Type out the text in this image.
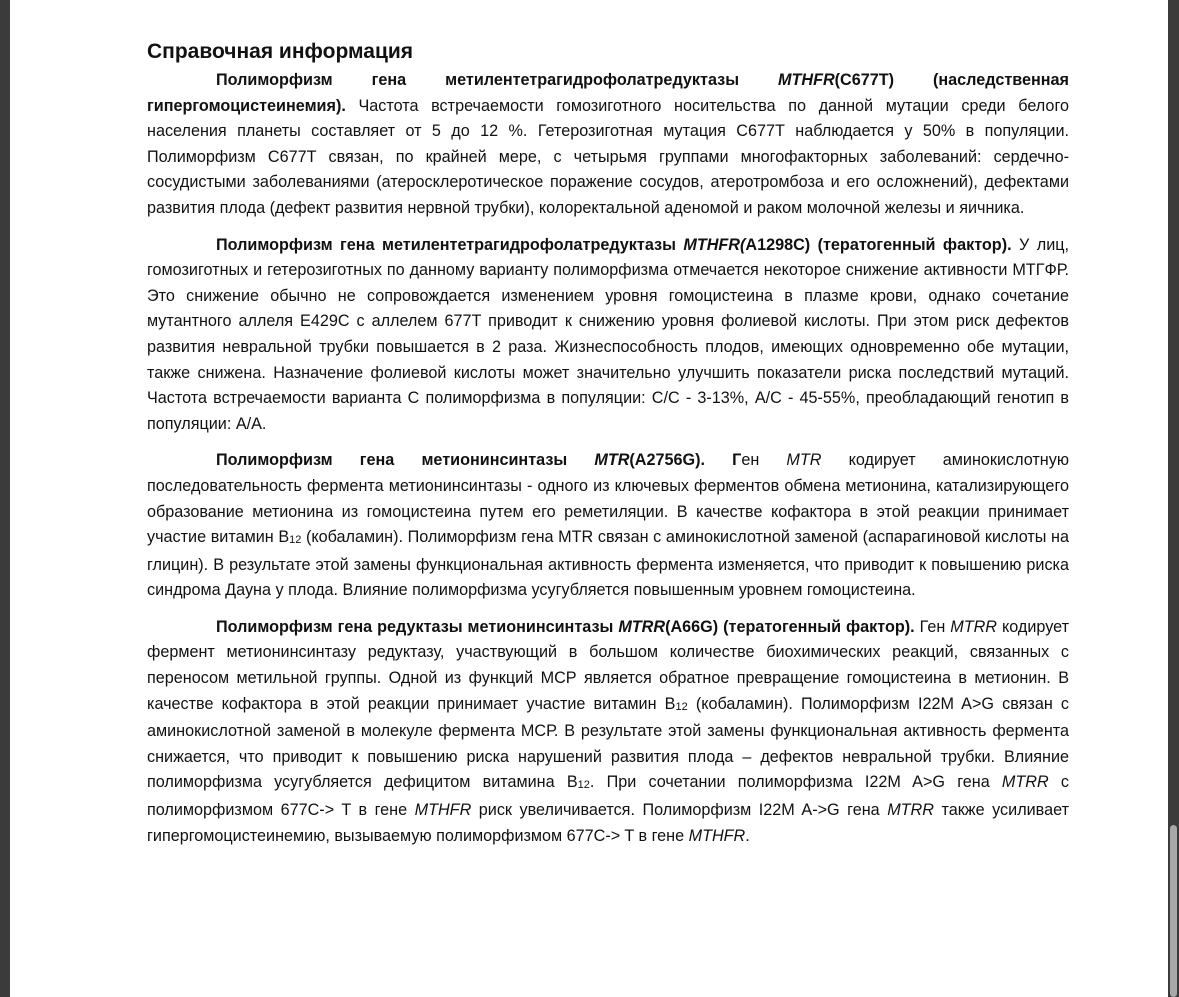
Справочная информация

Полиморфизм гена метилентетрагидрофолатредуктазы MTHFR(C677T) (наследственная гипергомоцистеинемия). Частота встречаемости гомозиготного носительства по данной мутации среди белого населения планеты составляет от 5 до 12 %. Гетерозиготная мутация С677Т наблюдается у 50% в популяции. Полиморфизм С677Т связан, по крайней мере, с четырьмя группами многофакторных заболеваний: сердечно-сосудистыми заболеваниями (атеросклеротическое поражение сосудов, атеротромбоза и его осложнений), дефектами развития плода (дефект развития нервной трубки), колоректальной аденомой и раком молочной железы и яичника.

Полиморфизм гена метилентетрагидрофолатредуктазы MTHFR(A1298C) (тератогенный фактор). У лиц, гомозиготных и гетерозиготных по данному варианту полиморфизма отмечается некоторое снижение активности МТГФР. Это снижение обычно не сопровождается изменением уровня гомоцистеина в плазме крови, однако сочетание мутантного аллеля E429C с аллелем 677T приводит к снижению уровня фолиевой кислоты. При этом риск дефектов развития невральной трубки повышается в 2 раза. Жизнеспособность плодов, имеющих одновременно обе мутации, также снижена. Назначение фолиевой кислоты может значительно улучшить показатели риска последствий мутаций. Частота встречаемости варианта С полиморфизма в популяции: С/С - 3-13%, А/С - 45-55%, преобладающий генотип в популяции: А/А.

Полиморфизм гена метионинсинтазы MTR(A2756G). Ген MTR кодирует аминокислотную последовательность фермента метионинсинтазы - одного из ключевых ферментов обмена метионина, катализирующего образование метионина из гомоцистеина путем его реметиляции. В качестве кофактора в этой реакции принимает участие витамин $В_{12}$ (кобаламин). Полиморфизм гена MTR связан с аминокислотной заменой (аспарагиновой кислоты на глицин). В результате этой замены функциональная активность фермента изменяется, что приводит к повышению риска синдрома Дауна у плода. Влияние полиморфизма усугубляется повышенным уровнем гомоцистеина.

Полиморфизм гена редуктазы метионинсинтазы MTRR(A66G) (тератогенный фактор). Ген MTRR кодирует фермент метионинсинтазу редуктазу, участвующий в большом количестве биохимических реакций, связанных с переносом метильной группы. Одной из функций МСР является обратное превращение гомоцистеина в метионин. В качестве кофактора в этой реакции принимает участие витамин $В_{12}$ (кобаламин). Полиморфизм I22M A>G связан с аминокислотной заменой в молекуле фермента МСР. В результате этой замены функциональная активность фермента снижается, что приводит к повышению риска нарушений развития плода – дефектов невральной трубки. Влияние полиморфизма усугубляется дефицитом витамина $В_{12}$. При сочетании полиморфизма I22M A>G гена MTRR с полиморфизмом 677C-> T в гене MTHFR риск увеличивается. Полиморфизм I22M A->G гена MTRR также усиливает гипергомоцистеинемию, вызываемую полиморфизмом 677C-> T в гене MTHFR.
